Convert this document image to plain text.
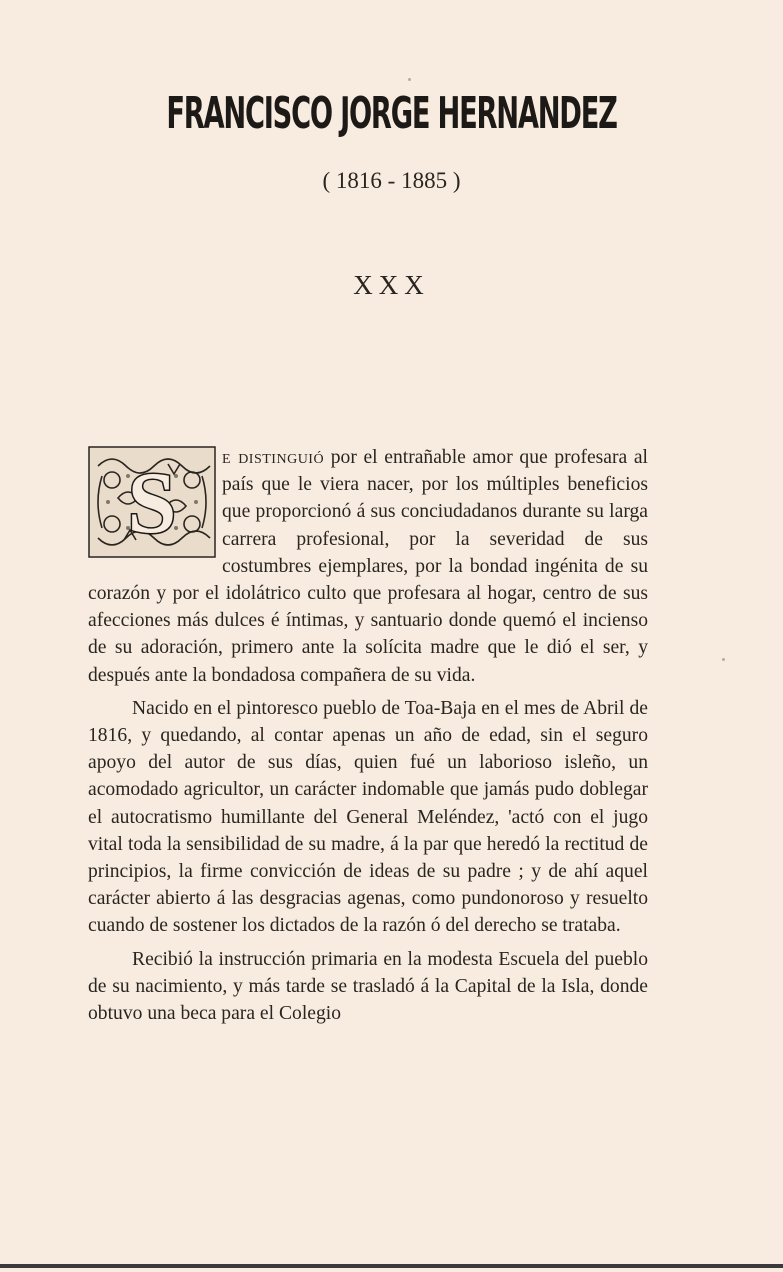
FRANCISCO JORGE HERNANDEZ
( 1816 - 1885 )
XXX
S	e distinguió por el entrañable amor que profesara al país que le viera nacer, por los múltiples beneficios que proporcionó á sus conciudadanos durante su larga carrera profesional, por la severidad de sus costumbres ejemplares, por la bondad ingénita de su corazón y por el idolátrico culto que profesara al hogar, centro de sus afecciones más dulces é íntimas, y santuario donde quemó el incienso de su adoración, primero ante la solícita madre que le dió el ser, y después ante la bondadosa compañera de su vida.

Nacido en el pintoresco pueblo de Toa-Baja en el mes de Abril de 1816, y quedando, al contar apenas un año de edad, sin el seguro apoyo del autor de sus días, quien fué un laborioso isleño, un acomodado agricultor, un carácter indomable que jamás pudo doblegar el autocratismo humillante del General Meléndez, 'actó con el jugo vital toda la sensibilidad de su madre, á la par que heredó la rectitud de principios, la firme convicción de ideas de su padre ; y de ahí aquel carácter abierto á las desgracias agenas, como pundonoroso y resuelto cuando de sostener los dictados de la razón ó del derecho se trataba.

Recibió la instrucción primaria en la modesta Escuela del pueblo de su nacimiento, y más tarde se trasladó á la Capital de la Isla, donde obtuvo una beca para el Colegio
